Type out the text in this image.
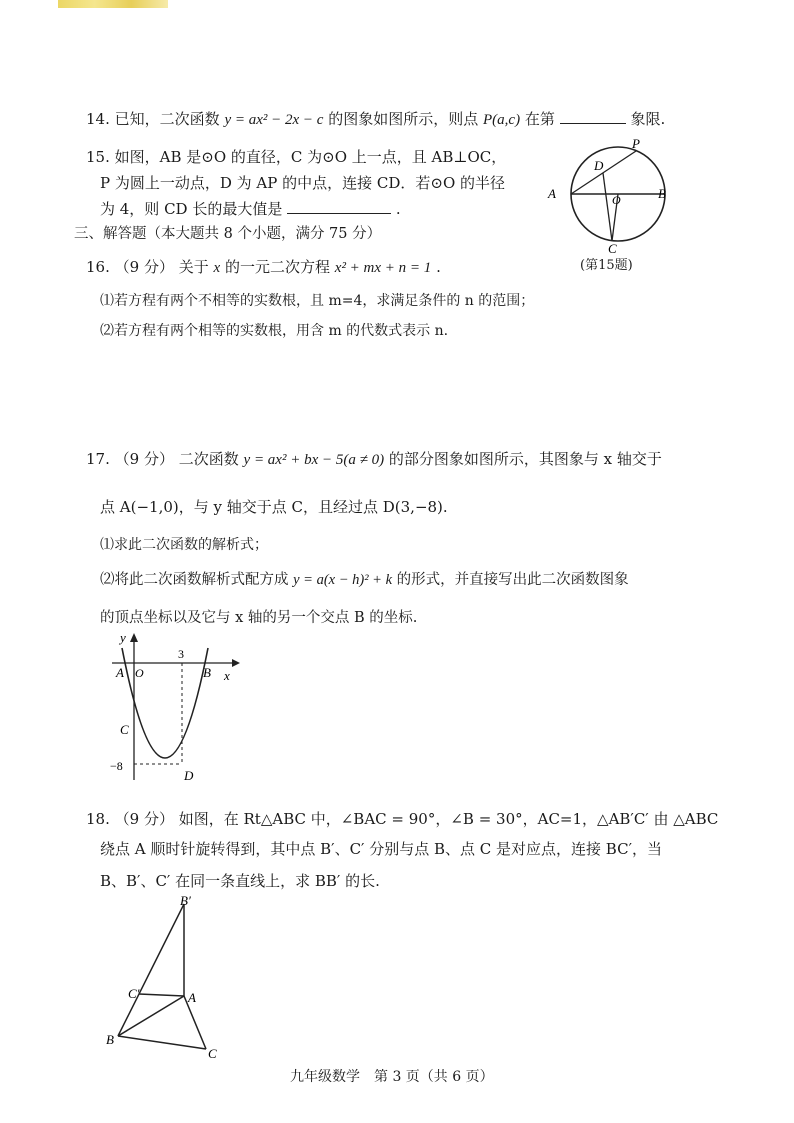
14. 已知，二次函数 y = ax² − 2x − c 的图象如图所示，则点 P(a,c) 在第	象限.
15. 如图，AB 是⊙O 的直径，C 为⊙O 上一点，且 AB⊥OC，
P 为圆上一动点，D 为 AP 的中点，连接 CD．若⊙O 的半径
为 4，则 CD 长的最大值是	.
A	B
C
D
O
P
(第15题)
三、解答题（本大题共 8 个小题，满分 75 分）
16. （9 分） 关于 x 的一元二次方程 x² + mx + n = 1 .
⑴若方程有两个不相等的实数根，且 m=4，求满足条件的 n 的范围；
⑵若方程有两个相等的实数根，用含 m 的代数式表示 n.
17. （9 分） 二次函数 y = ax² + bx − 5(a ≠ 0) 的部分图象如图所示，其图象与 x 轴交于
点 A(−1,0)，与 y 轴交于点 C，且经过点 D(3,−8).
⑴求此二次函数的解析式；
⑵将此二次函数解析式配方成 y = a(x − h)² + k 的形式，并直接写出此二次函数图象
的顶点坐标以及它与 x 轴的另一个交点 B 的坐标.
y
x
A O	B
3
C
−8
D
18. （9 分） 如图，在 Rt△ABC 中，∠BAC = 90°，∠B = 30°，AC=1，△AB′C′ 由 △ABC
绕点 A 顺时针旋转得到，其中点 B′、C′ 分别与点 B、点 C 是对应点，连接 BC′，当
B、B′、C′ 在同一条直线上，求 BB′ 的长.
B′
C′	A
B
C
九年级数学　第 3 页（共 6 页）
